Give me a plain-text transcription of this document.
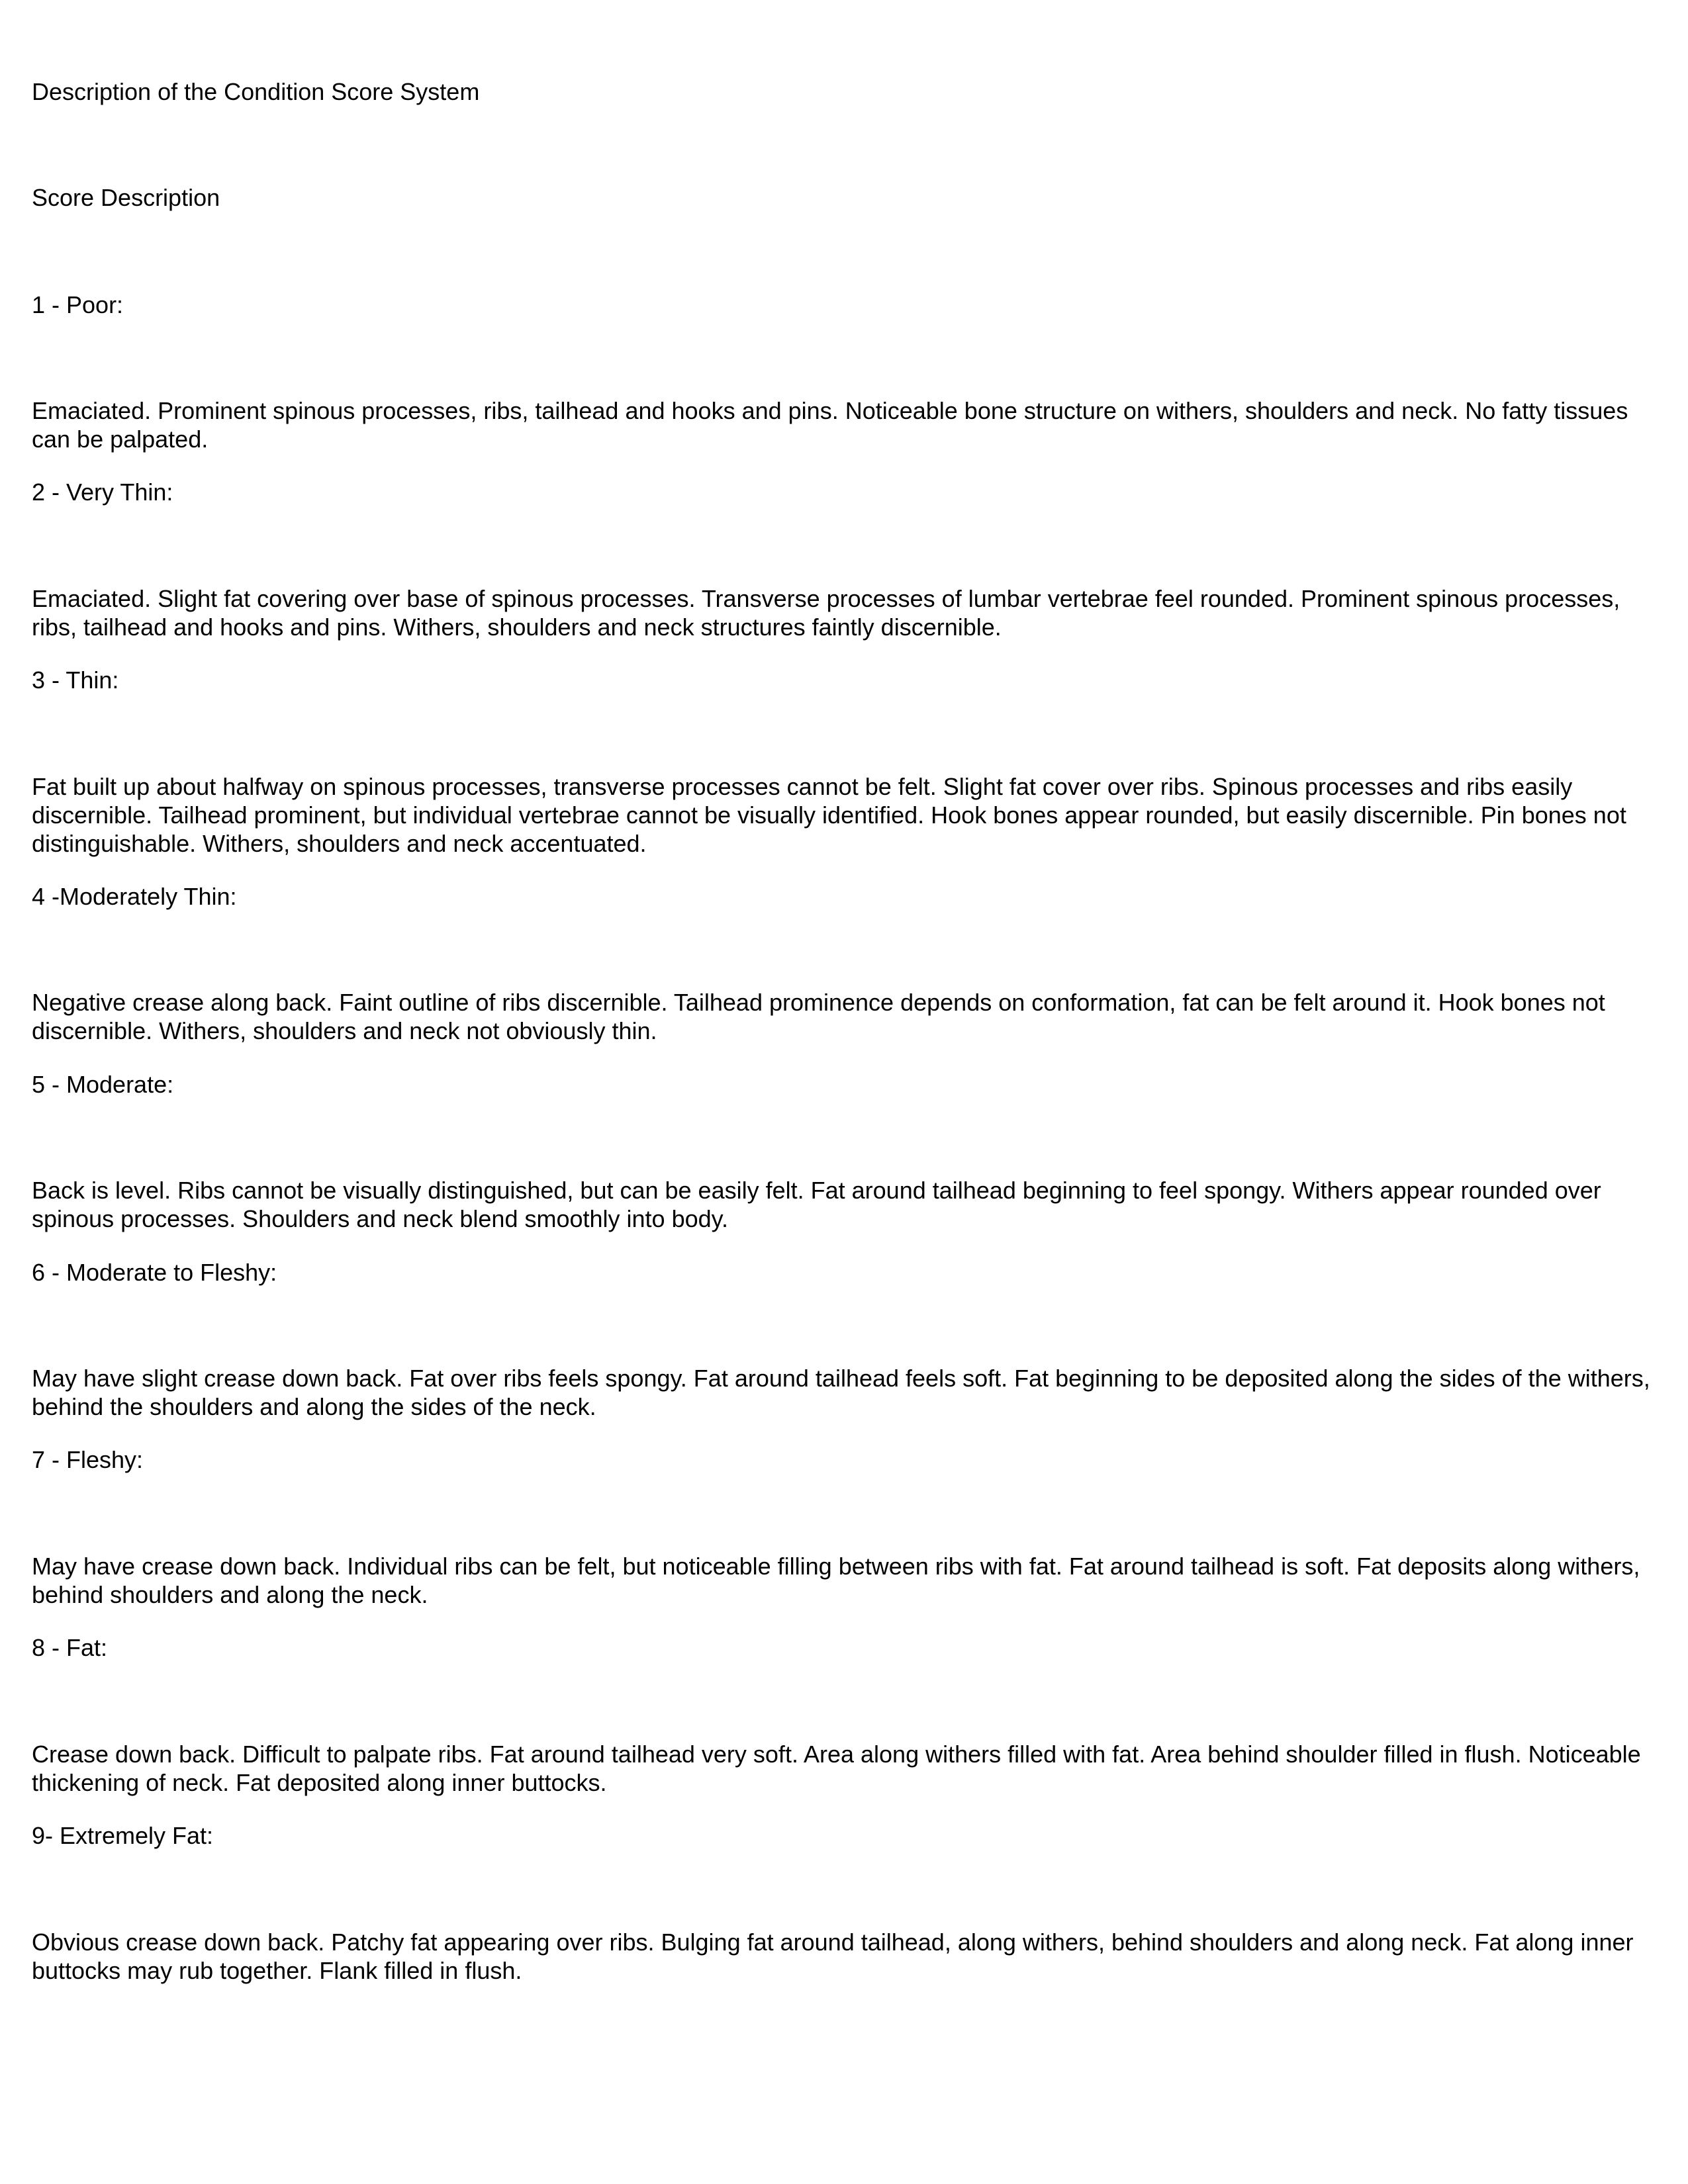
Description of the Condition Score System

Score Description

1 - Poor:

Emaciated. Prominent spinous processes, ribs, tailhead and hooks and pins. Noticeable bone structure on withers, shoulders and neck. No fatty tissues can be palpated.

2 - Very Thin:

Emaciated. Slight fat covering over base of spinous processes. Transverse processes of lumbar vertebrae feel rounded. Prominent spinous processes, ribs, tailhead and hooks and pins. Withers, shoulders and neck structures faintly discernible.

3 - Thin:

Fat built up about halfway on spinous processes, transverse processes cannot be felt. Slight fat cover over ribs. Spinous processes and ribs easily discernible. Tailhead prominent, but individual vertebrae cannot be visually identified. Hook bones appear rounded, but easily discernible. Pin bones not distinguishable. Withers, shoulders and neck accentuated.

4 -Moderately Thin:

Negative crease along back. Faint outline of ribs discernible. Tailhead prominence depends on conformation, fat can be felt around it. Hook bones not discernible. Withers, shoulders and neck not obviously thin.

5 - Moderate:

Back is level. Ribs cannot be visually distinguished, but can be easily felt. Fat around tailhead beginning to feel spongy. Withers appear rounded over spinous processes. Shoulders and neck blend smoothly into body.

6 - Moderate to Fleshy:

May have slight crease down back. Fat over ribs feels spongy. Fat around tailhead feels soft. Fat beginning to be deposited along the sides of the withers, behind the shoulders and along the sides of the neck.

7 - Fleshy:

May have crease down back. Individual ribs can be felt, but noticeable filling between ribs with fat. Fat around tailhead is soft. Fat deposits along withers, behind shoulders and along the neck.

8 - Fat:

Crease down back. Difficult to palpate ribs. Fat around tailhead very soft. Area along withers filled with fat. Area behind shoulder filled in flush. Noticeable thickening of neck. Fat deposited along inner buttocks.

9- Extremely Fat:

Obvious crease down back. Patchy fat appearing over ribs. Bulging fat around tailhead, along withers, behind shoulders and along neck. Fat along inner buttocks may rub together. Flank filled in flush.
